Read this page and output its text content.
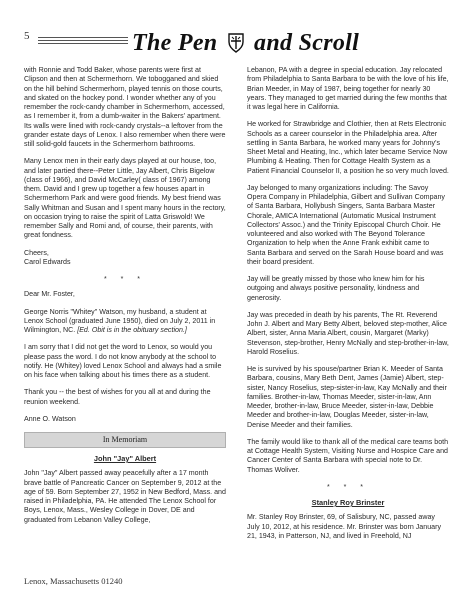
5	The Pen and Scroll

with Ronnie and Todd Baker, whose parents were first at Clipson and then at Schermerhorn. We tobogganed and skied on the hill behind Schermerhorn, played tennis on those courts, and skated on the hockey pond. I wonder whether any of you remember the rock-candy chamber in Schermerhorn, accessed, as I remember it, from a dumb-waiter in the Bakers' apartment. Its walls were lined with rock-candy crystals--a leftover from the grander estate days of Lenox. I also remember when there were still solid-gold faucets in the Schermerhorn bathrooms.

Many Lenox men in their early days played at our house, too, and later partied there--Peter Little, Jay Albert, Chris Bigelow (class of 1966), and David McCarley( class of 1967) among them. David and I grew up together a few houses apart in Schermerhorn Park and were good friends. My best friend was Sally Whitman and Susan and I spent many hours in the rectory, on occasion trying to raise the spirit of Latta Griswold! We remember Sally and Romi and, of course, their parents, with great fondness.

Cheers,

Carol Edwards

* * *

Dear Mr. Foster,

George Norris "Whitey" Watson, my husband, a student at Lenox School (graduated June 1950), died on July 2, 2011 in Wilmington, NC. [Ed. Obit is in the obituary section.]

I am sorry that I did not get the word to Lenox, so would you please pass the word. I do not know anybody at the school to notify. He (Whitey) loved Lenox School and always had a smile on his face when talking about his times there as a student.

Thank you -- the best of wishes for you all at and during the reunion weekend.

Anne O. Watson

In Memoriam
John "Jay" Albert

John "Jay" Albert passed away peacefully after a 17 month brave battle of Pancreatic Cancer on September 9, 2012 at the age of 59. Born September 27, 1952 in New Bedford, Mass. and raised in Philadelphia, PA. He attended The Lenox School for Boys, Lenox, Mass., Wesley College in Dover, DE and graduated from Lebanon Valley College,

Lebanon, PA with a degree in special education. Jay relocated from Philadelphia to Santa Barbara to be with the love of his life, Brian Meeder, in May of 1987, being together for nearly 30 years. They managed to get married during the few months that it was legal here in California.

He worked for Strawbridge and Clothier, then at Rets Electronic Schools as a career counselor in the Philadelphia area. After settling in Santa Barbara, he worked many years for Johnny's Sheet Metal and Heating, Inc., which later became Service Now Plumbing & Heating. Then for Cottage Health System as a Patient Financial Counselor II, a position he so very much loved.

Jay belonged to many organizations including: The Savoy Opera Company in Philadelphia, Gilbert and Sullivan Company of Santa Barbara, Hollybush Singers, Santa Barbara Master Chorale, AMICA International (Automatic Musical Instrument Collectors' Assoc.) and the Trinity Episcopal Church Choir. He volunteered and also worked with The Beyond Tolerance Organization to help when the Anne Frank exhibit came to Santa Barbara and served on the Sarah House board and was their board president.

Jay will be greatly missed by those who knew him for his outgoing and always positive personality, kindness and generosity.

Jay was preceded in death by his parents, The Rt. Reverend John J. Albert and Mary Betty Albert, beloved step-mother, Alice Albert, sister, Anna Maria Albert, cousin, Margaret (Marky) Stevenson, step-brother, Henry McNally and step-brother-in-law, Harold Roselius.

He is survived by his spouse/partner Brian K. Meeder of Santa Barbara, cousins, Mary Beth Dent, James (Jamie) Albert, step-sister, Nancy Roselius, step-sister-in-law, Kay McNally and their families. Brother-in-law, Thomas Meeder, sister-in-law, Ann Meeder, brother-in-law, Bruce Meeder, sister-in-law, Debbie Meeder and brother-in-law, Douglas Meeder, sister-in-law, Denise Meeder and their families.

The family would like to thank all of the medical care teams both at Cottage Health System, Visiting Nurse and Hospice Care and Cancer Center of Santa Barbara with special note to Dr. Thomas Woliver.

* * *
Stanley Roy Brinster

Mr. Stanley Roy Brinster, 69, of Salisbury, NC, passed away July 10, 2012, at his residence. Mr. Brinster was born January 21, 1943, in Patterson, NJ, and lived in Freehold, NJ

Lenox, Massachusetts 01240
